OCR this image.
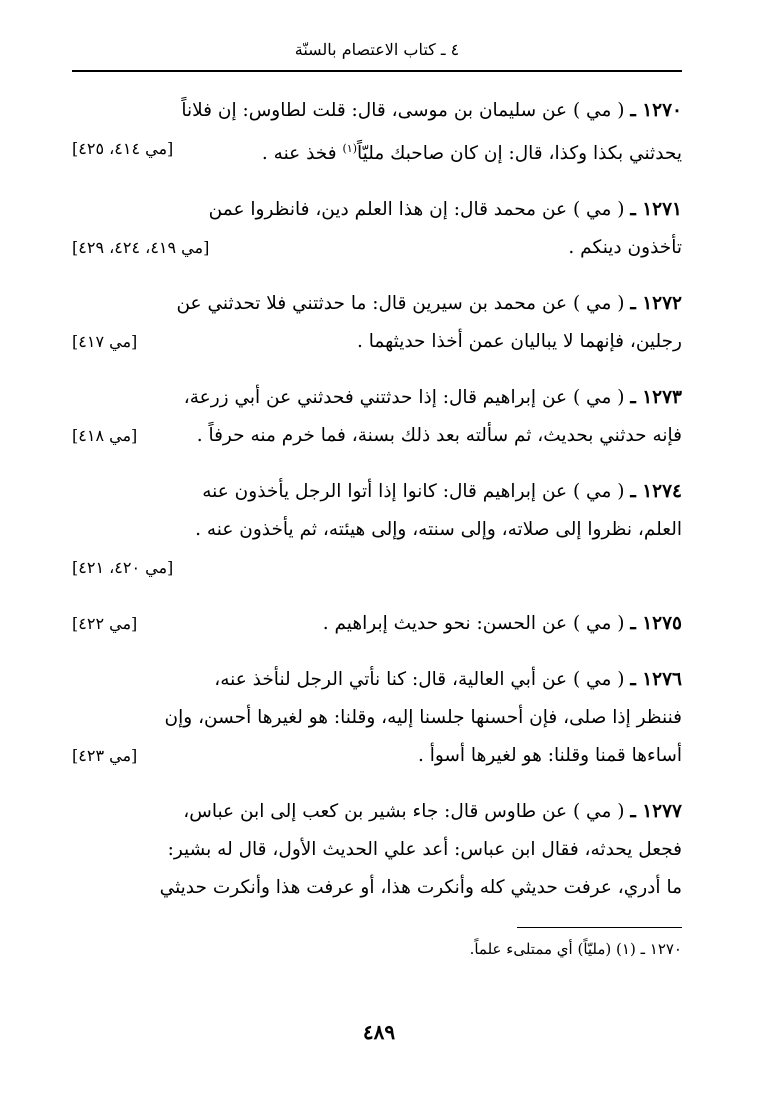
٤ ـ كتاب الاعتصام بالسنّة
١٢٧٠ ـ ( مي ) عن سليمان بن موسى، قال: قلت لطاوس: إن فلاناً
يحدثني بكذا وكذا، قال: إن كان صاحبك مليّاً$^{(١)}$ فخذ عنه .
[مي ٤١٤، ٤٢٥]
١٢٧١ ـ ( مي ) عن محمد قال: إن هذا العلم دين، فانظروا عمن
تأخذون دينكم .
[مي ٤١٩، ٤٢٤، ٤٢٩]
١٢٧٢ ـ ( مي ) عن محمد بن سيرين قال: ما حدثتني فلا تحدثني عن
رجلين، فإنهما لا يباليان عمن أخذا حديثهما .
[مي ٤١٧]
١٢٧٣ ـ ( مي ) عن إبراهيم قال: إذا حدثتني فحدثني عن أبي زرعة،
فإنه حدثني بحديث، ثم سألته بعد ذلك بسنة، فما خرم منه حرفاً .
[مي ٤١٨]
١٢٧٤ ـ ( مي ) عن إبراهيم قال: كانوا إذا أتوا الرجل يأخذون عنه
العلم، نظروا إلى صلاته، وإلى سنته، وإلى هيئته، ثم يأخذون عنه .
[مي ٤٢٠، ٤٢١]
١٢٧٥ ـ ( مي ) عن الحسن: نحو حديث إبراهيم .
[مي ٤٢٢]
١٢٧٦ ـ ( مي ) عن أبي العالية، قال: كنا نأتي الرجل لنأخذ عنه،
فننظر إذا صلى، فإن أحسنها جلسنا إليه، وقلنا: هو لغيرها أحسن، وإن
أساءها قمنا وقلنا: هو لغيرها أسوأ .
[مي ٤٢٣]
١٢٧٧ ـ ( مي ) عن طاوس قال: جاء بشير بن كعب إلى ابن عباس،
فجعل يحدثه، فقال ابن عباس: أعد علي الحديث الأول، قال له بشير:
ما أدري، عرفت حديثي كله وأنكرت هذا، أو عرفت هذا وأنكرت حديثي
١٢٧٠ ـ (١) (مليّاً) أي ممتلىء علماً.
٤٨٩
